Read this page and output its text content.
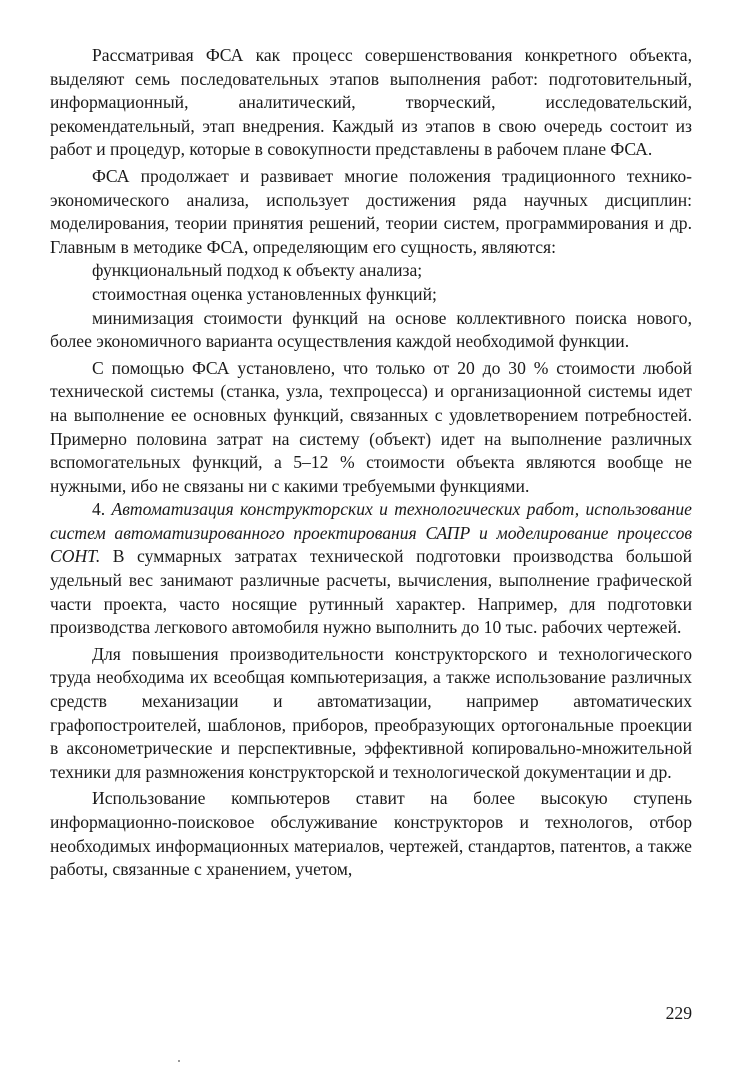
Рассматривая ФСА как процесс совершенствования конкретного объекта, выделяют семь последовательных этапов выполнения работ: подготовительный, информационный, аналитический, творческий, исследовательский, рекомендательный, этап внедрения. Каждый из этапов в свою очередь состоит из работ и процедур, которые в совокупности представлены в рабочем плане ФСА.

ФСА продолжает и развивает многие положения традиционного технико-экономического анализа, использует достижения ряда научных дисциплин: моделирования, теории принятия решений, теории систем, программирования и др. Главным в методике ФСА, определяющим его сущность, являются:

функциональный подход к объекту анализа;

стоимостная оценка установленных функций;

минимизация стоимости функций на основе коллективного поиска нового, более экономичного варианта осуществления каждой необходимой функции.

С помощью ФСА установлено, что только от 20 до 30 % стоимости любой технической системы (станка, узла, техпроцесса) и организационной системы идет на выполнение ее основных функций, связанных с удовлетворением потребностей. Примерно половина затрат на систему (объект) идет на выполнение различных вспомогательных функций, а 5–12 % стоимости объекта являются вообще не нужными, ибо не связаны ни с какими требуемыми функциями.

4. Автоматизация конструкторских и технологических работ, использование систем автоматизированного проектирования САПР и моделирование процессов СОНТ. В суммарных затратах технической подготовки производства большой удельный вес занимают различные расчеты, вычисления, выполнение графической части проекта, часто носящие рутинный характер. Например, для подготовки производства легкового автомобиля нужно выполнить до 10 тыс. рабочих чертежей.

Для повышения производительности конструкторского и технологического труда необходима их всеобщая компьютеризация, а также использование различных средств механизации и автоматизации, например автоматических графопостроителей, шаблонов, приборов, преобразующих ортогональные проекции в аксонометрические и перспективные, эффективной копировально-множительной техники для размножения конструкторской и технологической документации и др.

Использование компьютеров ставит на более высокую ступень информационно-поисковое обслуживание конструкторов и технологов, отбор необходимых информационных материалов, чертежей, стандартов, патентов, а также работы, связанные с хранением, учетом,

229
